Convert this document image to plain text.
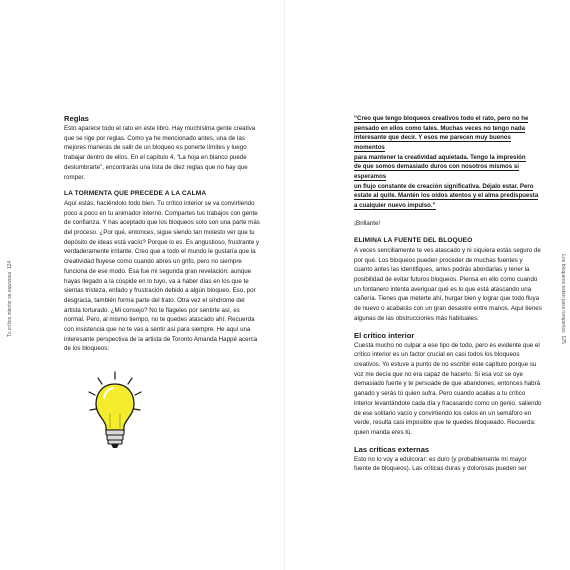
Tu crítico interior se equivoca  124
Reglas

Esto aparece todo el rato en este libro. Hay muchísima gente creativa que se rige por reglas. Como ya he mencionado antes, una de las mejores maneras de salir de un bloqueo es ponerte límites y luego trabajar dentro de ellos. En el capítulo 4, “La hoja en blanco puede deslumbrarte”, encontrarás una lista de diez reglas que no hay que romper.

LA TORMENTA QUE PRECEDE A LA CALMA

Aquí estás, haciéndolo todo bien. Tu crítico interior se va convirtiendo poco a poco en tu animador interno. Compartes tus trabajos con gente de confianza. Y has aceptado que los bloqueos solo son una parte más del proceso. ¿Por qué, entonces, sigue siendo tan molesto ver que tu depósito de ideas está vacío? Porque lo es. Es angustioso, frustrante y verdaderamente irritante. Creo que a todo el mundo le gustaría que la creatividad fluyese como cuando abres un grifo, pero no siempre funciona de ese modo. Esa fue mi segunda gran revelación: aunque hayas llegado a la cúspide en lo tuyo, va a haber días en los que te sientas tristeza, enfado y frustración debido a algún bloqueo. Eso, por desgracia, también forma parte del trato. Otra vez el síndrome del artista torturado. ¿Mi consejo? No te flageles por sentirte así, es normal. Pero, al mismo tiempo, no te quedes atascado ahí. Recuerda con insistencia que no te vas a sentir así para siempre. He aquí una interesante perspectiva de la artista de Toronto Amanda Happé acerca de los bloqueos:

Los bloqueos están para romperlos  125
“Creo que tengo bloqueos creativos todo el rato, pero no he
pensado en ellos como tales. Muchas veces no tengo nada
interesante que decir. Y esos me parecen muy buenos momentos
para mantener la creatividad aquietada. Tengo la impresión
de que somos demasiado duros con nosotros mismos si esperamos
un flujo constante de creación significativa. Déjalo estar. Pero
estate al quite. Mantén los oídos atentos y el alma predispuesta
a cualquier nuevo impulso.”

¡Brillante!

ELIMINA LA FUENTE DEL BLOQUEO

A veces sencillamente te ves atascado y ni siquiera estás seguro de por qué. Los bloqueos pueden proceder de muchas fuentes y cuanto antes las identifiques, antes podrás abordarlas y tener la posibilidad de evitar futuros bloqueos. Piensa en ello como cuando un fontanero intenta averiguar qué es lo que está atascando una cañería. Tienes que meterte ahí, hurgar bien y lograr que todo fluya de nuevo o acabarás con un gran desastre entre manos. Aquí tienes algunas de las obstrucciones más habituales:

El crítico interior

Cuesta mucho no culpar a ese tipo de todo, pero es evidente que el crítico interior es un factor crucial en casi todos los bloqueos creativos. Yo estuve a punto de no escribir este capítulo porque su voz me decía que no era capaz de hacerlo. Si esa voz se oye demasiado fuerte y te persuade de que abandones, entonces habrá ganado y serás tú quien sufra. Pero cuando acallas a tu crítico interior levantándote cada día y fracasando como un genio, saliendo de ese solitario vacío y convirtiendo los celos en un semáforo en verde, resulta casi imposible que te quedes bloqueado. Recuerda: quien manda eres tú.

Las críticas externas

Esto no lo voy a edulcorar: es duro (y probablemente mi mayor fuente de bloqueos). Las críticas duras y dolorosas pueden ser
